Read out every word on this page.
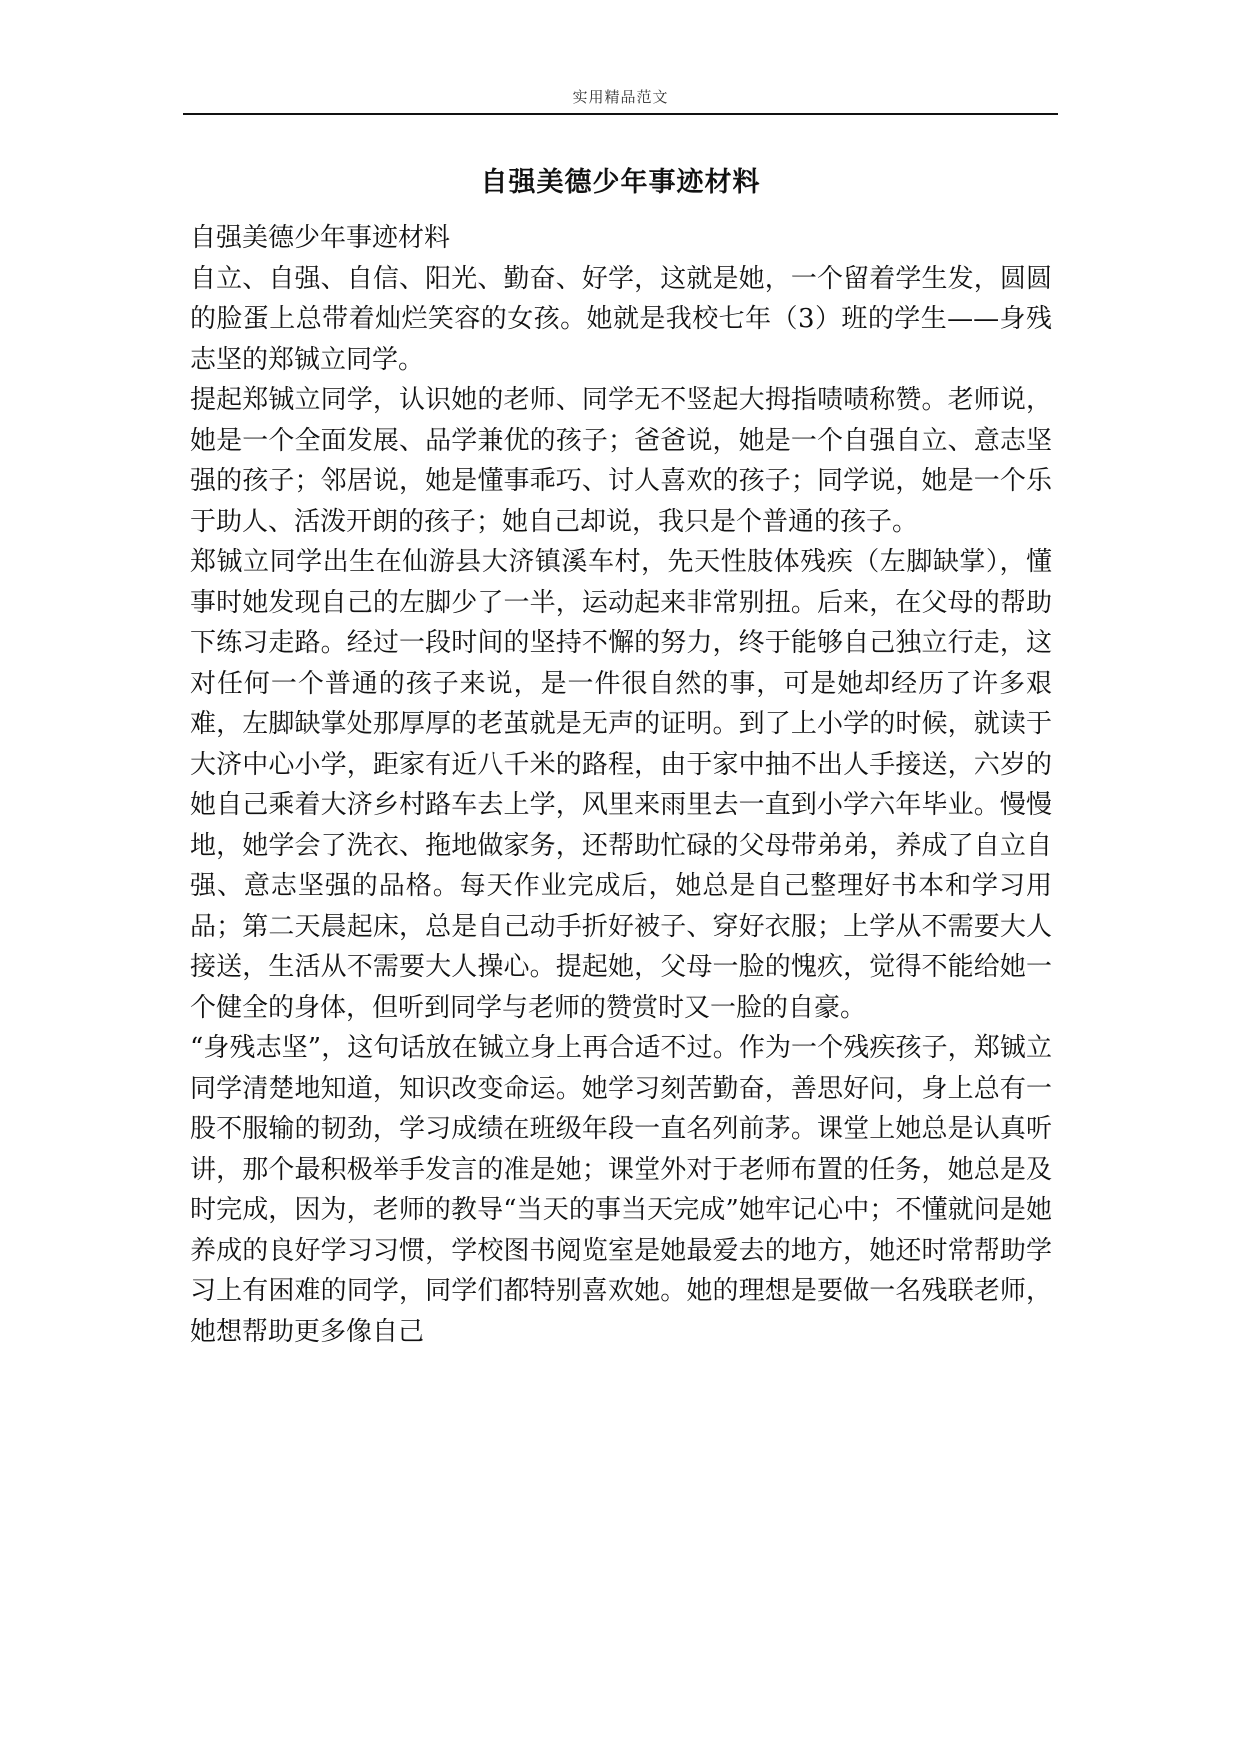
实用精品范文
自强美德少年事迹材料

自强美德少年事迹材料

自立、自强、自信、阳光、勤奋、好学，这就是她，一个留着学生发，圆圆的脸蛋上总带着灿烂笑容的女孩。她就是我校七年（3）班的学生——身残志坚的郑铖立同学。

提起郑铖立同学，认识她的老师、同学无不竖起大拇指啧啧称赞。老师说，她是一个全面发展、品学兼优的孩子；爸爸说，她是一个自强自立、意志坚强的孩子；邻居说，她是懂事乖巧、讨人喜欢的孩子；同学说，她是一个乐于助人、活泼开朗的孩子；她自己却说，我只是个普通的孩子。

郑铖立同学出生在仙游县大济镇溪车村，先天性肢体残疾（左脚缺掌），懂事时她发现自己的左脚少了一半，运动起来非常别扭。后来，在父母的帮助下练习走路。经过一段时间的坚持不懈的努力，终于能够自己独立行走，这对任何一个普通的孩子来说，是一件很自然的事，可是她却经历了许多艰难，左脚缺掌处那厚厚的老茧就是无声的证明。到了上小学的时候，就读于大济中心小学，距家有近八千米的路程，由于家中抽不出人手接送，六岁的她自己乘着大济乡村路车去上学，风里来雨里去一直到小学六年毕业。慢慢地，她学会了洗衣、拖地做家务，还帮助忙碌的父母带弟弟，养成了自立自强、意志坚强的品格。每天作业完成后，她总是自己整理好书本和学习用品；第二天晨起床，总是自己动手折好被子、穿好衣服；上学从不需要大人接送，生活从不需要大人操心。提起她，父母一脸的愧疚，觉得不能给她一个健全的身体，但听到同学与老师的赞赏时又一脸的自豪。

“身残志坚”，这句话放在铖立身上再合适不过。作为一个残疾孩子，郑铖立同学清楚地知道，知识改变命运。她学习刻苦勤奋，善思好问，身上总有一股不服输的韧劲，学习成绩在班级年段一直名列前茅。课堂上她总是认真听讲，那个最积极举手发言的准是她；课堂外对于老师布置的任务，她总是及时完成，因为，老师的教导“当天的事当天完成”她牢记心中；不懂就问是她养成的良好学习习惯，学校图书阅览室是她最爱去的地方，她还时常帮助学习上有困难的同学，同学们都特别喜欢她。她的理想是要做一名残联老师，她想帮助更多像自己
